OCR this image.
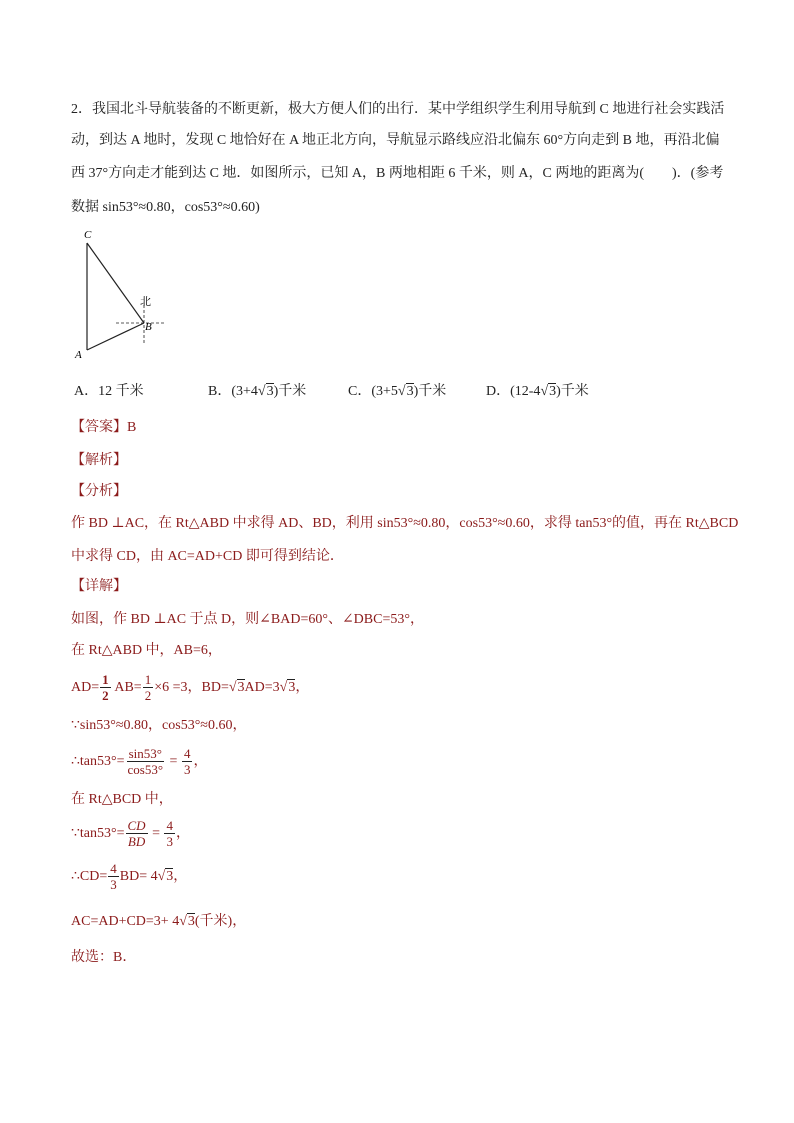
2．我国北斗导航装备的不断更新，极大方便人们的出行．某中学组织学生利用导航到 C 地进行社会实践活
动，到达 A 地时，发现 C 地恰好在 A 地正北方向，导航显示路线应沿北偏东 60°方向走到 B 地，再沿北偏
西 37°方向走才能到达 C 地．如图所示，已知 A，B 两地相距 6 千米，则 A，C 两地的距离为(　　)．(参考
数据 sin53°≈0.80，cos53°≈0.60)
C
A
B
北
A．12 千米	B．(3+4√3)千米	C．(3+5√3)千米	D．(12-4√3)千米
【答案】B
【解析】
【分析】
作 BD ⊥AC，在 Rt△ABD 中求得 AD、BD，利用 sin53°≈0.80，cos53°≈0.60，求得 tan53°的值，再在 Rt△BCD
中求得 CD，由 AC=AD+CD 即可得到结论．
【详解】
如图，作 BD ⊥AC 于点 D，则∠BAD=60°、∠DBC=53°，
在 Rt△ABD 中，AB=6，
$AD= \frac{1}{2} AB= \frac{1}{2} \times 6 =3$，BD=√3AD=3√3，
∵sin53°≈0.80，cos53°≈0.60，
∴tan53°= $\frac{\sin 53^\circ}{\cos 53^\circ} = \frac{4}{3}$ ，
在 Rt△BCD 中，
∵tan53°= $\frac{CD}{BD} = \frac{4}{3}$ ，
∴CD= $\frac{4}{3} BD= 4√3$，
AC=AD+CD=3+ 4√3(千米)，
故选：B．
